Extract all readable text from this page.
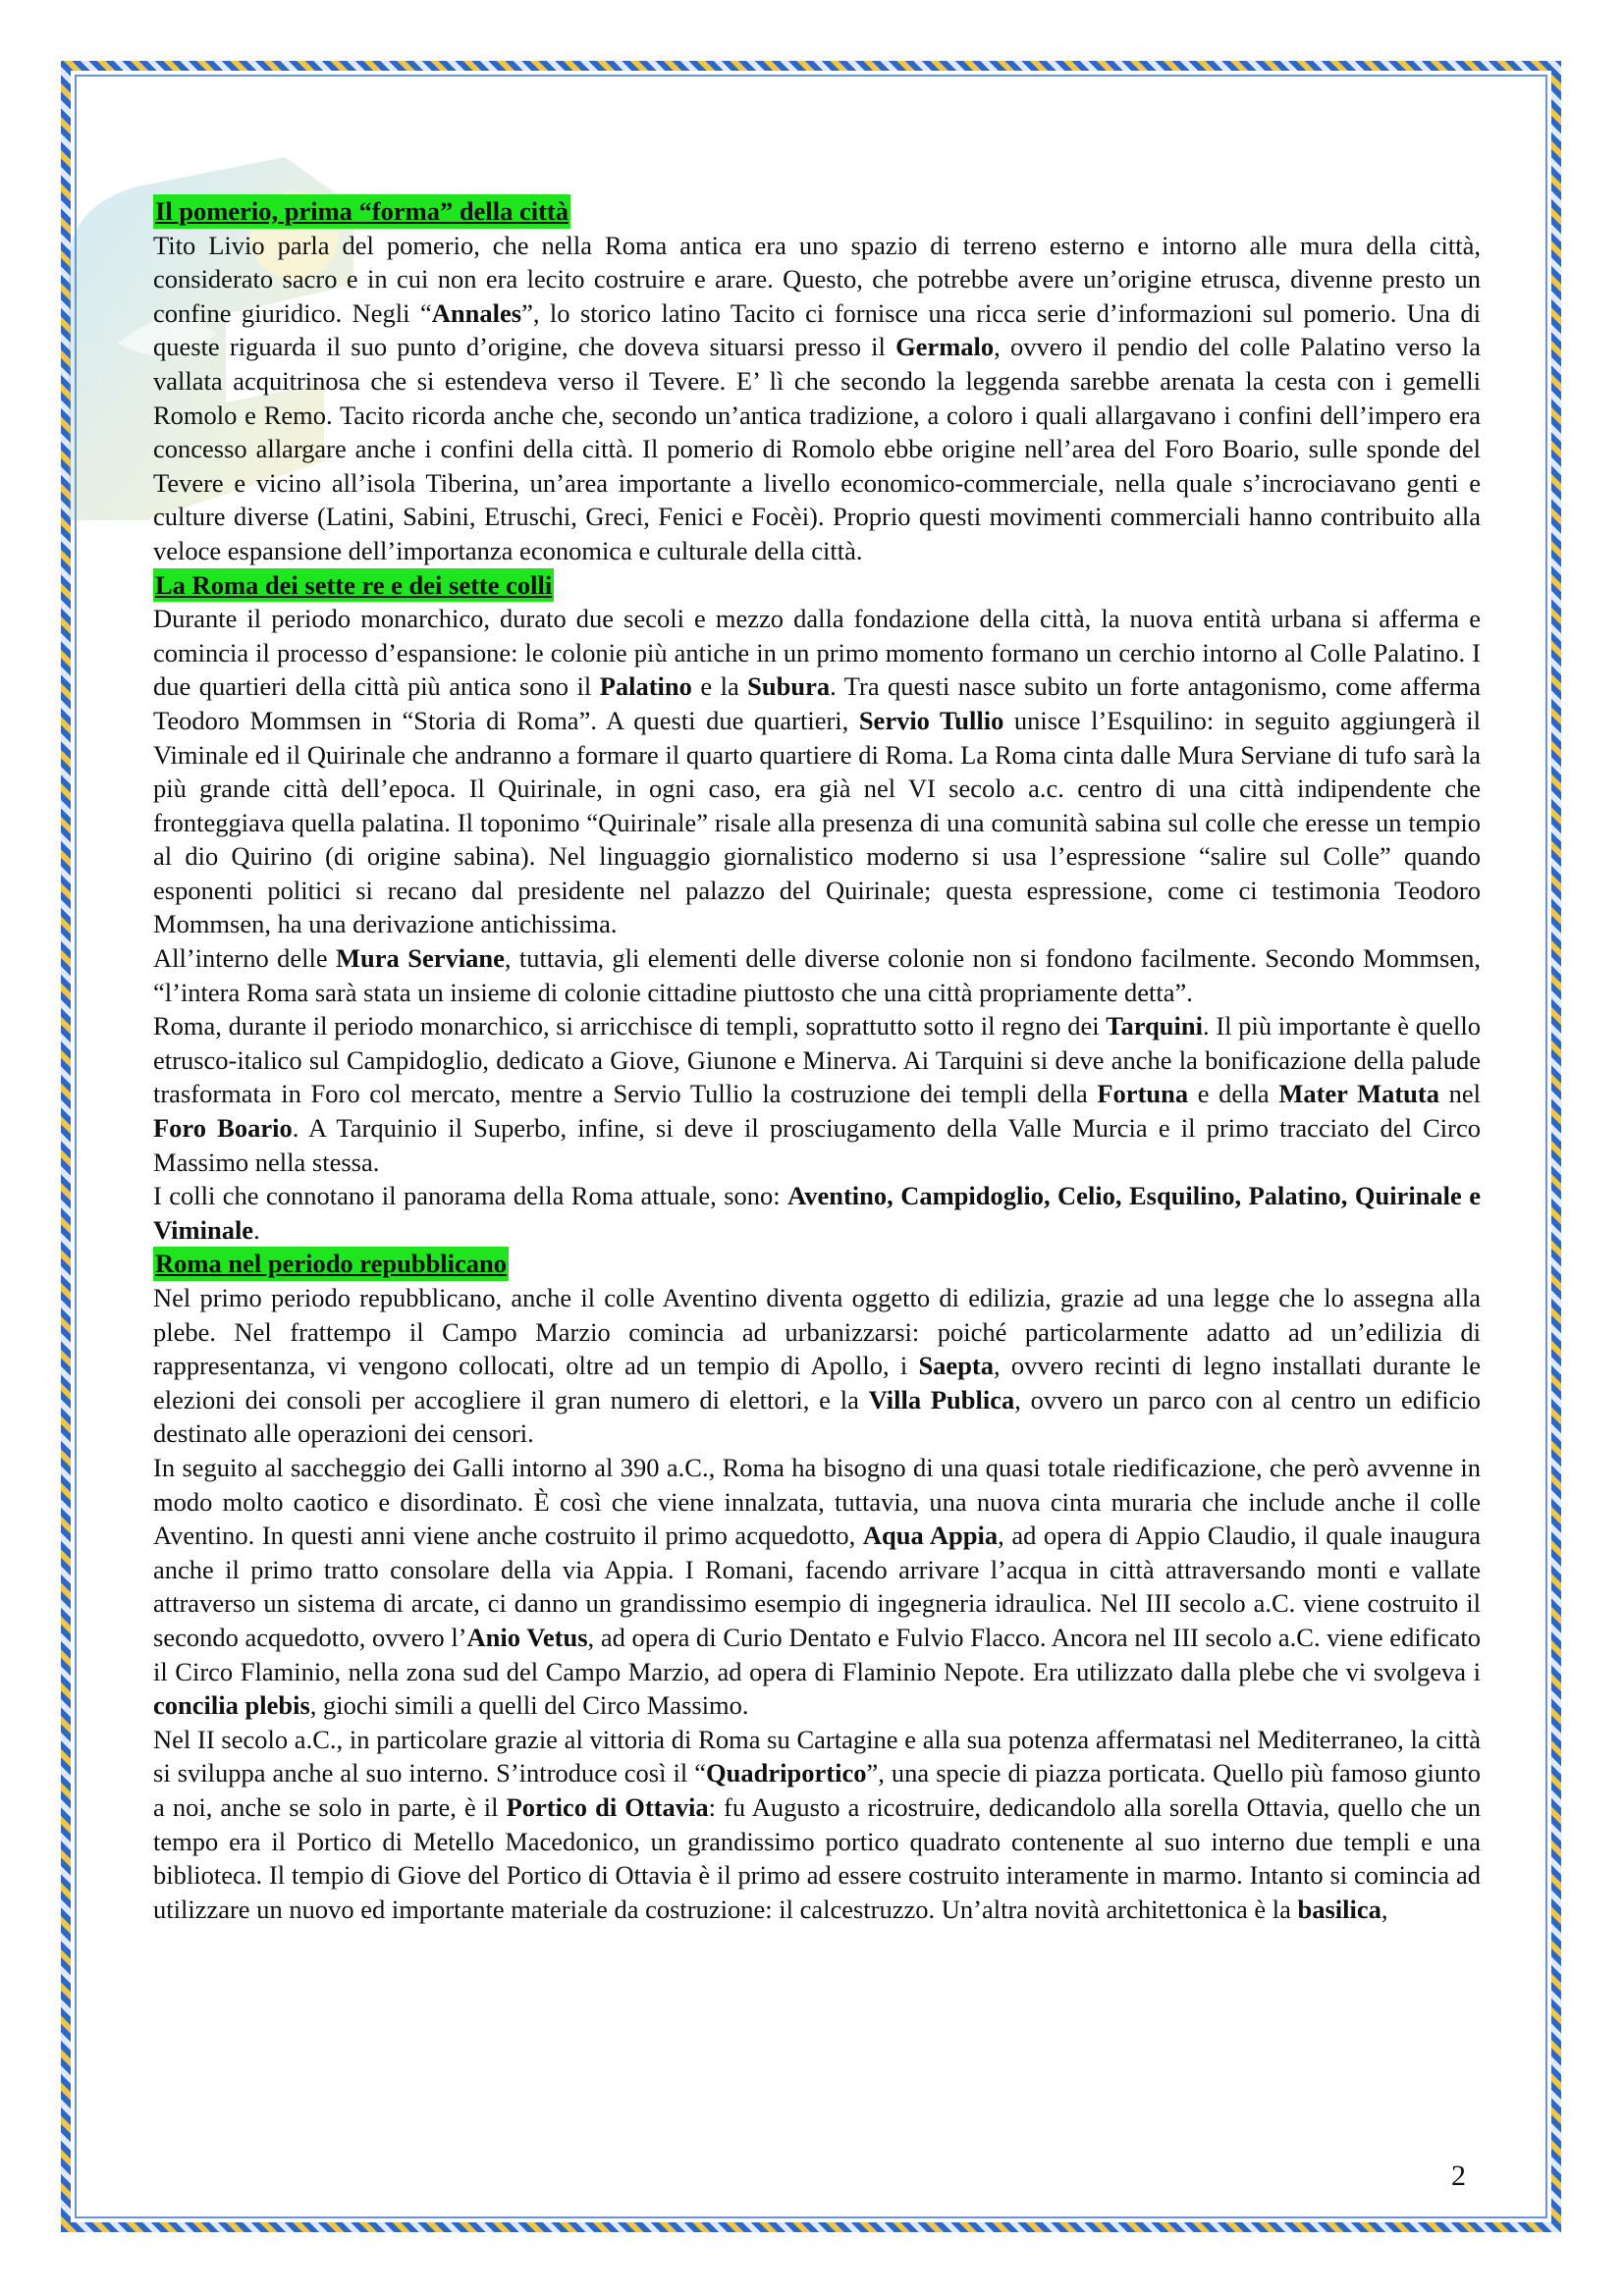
Il pomerio, prima “forma” della città

Tito Livio parla del pomerio, che nella Roma antica era uno spazio di terreno esterno e intorno alle mura della città, considerato sacro e in cui non era lecito costruire e arare. Questo, che potrebbe avere un’origine etrusca, divenne presto un confine giuridico. Negli “Annales”, lo storico latino Tacito ci fornisce una ricca serie d’informazioni sul pomerio. Una di queste riguarda il suo punto d’origine, che doveva situarsi presso il Germalo, ovvero il pendio del colle Palatino verso la vallata acquitrinosa che si estendeva verso il Tevere. E’ lì che secondo la leggenda sarebbe arenata la cesta con i gemelli Romolo e Remo. Tacito ricorda anche che, secondo un’antica tradizione, a coloro i quali allargavano i confini dell’impero era concesso allargare anche i confini della città. Il pomerio di Romolo ebbe origine nell’area del Foro Boario, sulle sponde del Tevere e vicino all’isola Tiberina, un’area importante a livello economico-commerciale, nella quale s’incrociavano genti e culture diverse (Latini, Sabini, Etruschi, Greci, Fenici e Focèi). Proprio questi movimenti commerciali hanno contribuito alla veloce espansione dell’importanza economica e culturale della città.

La Roma dei sette re e dei sette colli

Durante il periodo monarchico, durato due secoli e mezzo dalla fondazione della città, la nuova entità urbana si afferma e comincia il processo d’espansione: le colonie più antiche in un primo momento formano un cerchio intorno al Colle Palatino. I due quartieri della città più antica sono il Palatino e la Subura. Tra questi nasce subito un forte antagonismo, come afferma Teodoro Mommsen in “Storia di Roma”. A questi due quartieri, Servio Tullio unisce l’Esquilino: in seguito aggiungerà il Viminale ed il Quirinale che andranno a formare il quarto quartiere di Roma. La Roma cinta dalle Mura Serviane di tufo sarà la più grande città dell’epoca. Il Quirinale, in ogni caso, era già nel VI secolo a.c. centro di una città indipendente che fronteggiava quella palatina. Il toponimo “Quirinale” risale alla presenza di una comunità sabina sul colle che eresse un tempio al dio Quirino (di origine sabina). Nel linguaggio giornalistico moderno si usa l’espressione “salire sul Colle” quando esponenti politici si recano dal presidente nel palazzo del Quirinale; questa espressione, come ci testimonia Teodoro Mommsen, ha una derivazione antichissima.

All’interno delle Mura Serviane, tuttavia, gli elementi delle diverse colonie non si fondono facilmente. Secondo Mommsen, “l’intera Roma sarà stata un insieme di colonie cittadine piuttosto che una città propriamente detta”.

Roma, durante il periodo monarchico, si arricchisce di templi, soprattutto sotto il regno dei Tarquini. Il più importante è quello etrusco-italico sul Campidoglio, dedicato a Giove, Giunone e Minerva. Ai Tarquini si deve anche la bonificazione della palude trasformata in Foro col mercato, mentre a Servio Tullio la costruzione dei templi della Fortuna e della Mater Matuta nel Foro Boario. A Tarquinio il Superbo, infine, si deve il prosciugamento della Valle Murcia e il primo tracciato del Circo Massimo nella stessa.

I colli che connotano il panorama della Roma attuale, sono: Aventino, Campidoglio, Celio, Esquilino, Palatino, Quirinale e Viminale.

Roma nel periodo repubblicano

Nel primo periodo repubblicano, anche il colle Aventino diventa oggetto di edilizia, grazie ad una legge che lo assegna alla plebe. Nel frattempo il Campo Marzio comincia ad urbanizzarsi: poiché particolarmente adatto ad un’edilizia di rappresentanza, vi vengono collocati, oltre ad un tempio di Apollo, i Saepta, ovvero recinti di legno installati durante le elezioni dei consoli per accogliere il gran numero di elettori, e la Villa Publica, ovvero un parco con al centro un edificio destinato alle operazioni dei censori.

In seguito al saccheggio dei Galli intorno al 390 a.C., Roma ha bisogno di una quasi totale riedificazione, che però avvenne in modo molto caotico e disordinato. È così che viene innalzata, tuttavia, una nuova cinta muraria che include anche il colle Aventino. In questi anni viene anche costruito il primo acquedotto, Aqua Appia, ad opera di Appio Claudio, il quale inaugura anche il primo tratto consolare della via Appia. I Romani, facendo arrivare l’acqua in città attraversando monti e vallate attraverso un sistema di arcate, ci danno un grandissimo esempio di ingegneria idraulica. Nel III secolo a.C. viene costruito il secondo acquedotto, ovvero l’Anio Vetus, ad opera di Curio Dentato e Fulvio Flacco. Ancora nel III secolo a.C. viene edificato il Circo Flaminio, nella zona sud del Campo Marzio, ad opera di Flaminio Nepote. Era utilizzato dalla plebe che vi svolgeva i concilia plebis, giochi simili a quelli del Circo Massimo.

Nel II secolo a.C., in particolare grazie al vittoria di Roma su Cartagine e alla sua potenza affermatasi nel Mediterraneo, la città si sviluppa anche al suo interno. S’introduce così il “Quadriportico”, una specie di piazza porticata. Quello più famoso giunto a noi, anche se solo in parte, è il Portico di Ottavia: fu Augusto a ricostruire, dedicandolo alla sorella Ottavia, quello che un tempo era il Portico di Metello Macedonico, un grandissimo portico quadrato contenente al suo interno due templi e una biblioteca. Il tempio di Giove del Portico di Ottavia è il primo ad essere costruito interamente in marmo. Intanto si comincia ad utilizzare un nuovo ed importante materiale da costruzione: il calcestruzzo. Un’altra novità architettonica è la basilica,

2
